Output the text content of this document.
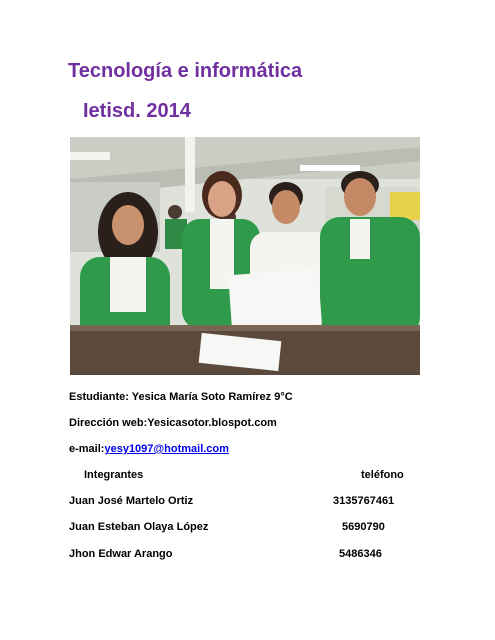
Tecnología e informática
Ietisd. 2014

Estudiante: Yesica María Soto Ramírez 9°C

Dirección web:Yesicasotor.blospot.com

e-mail:yesy1097@hotmail.com

Integrantes	teléfono

Juan José Martelo Ortiz	3135767461

Juan Esteban Olaya López	5690790

Jhon Edwar Arango	5486346
